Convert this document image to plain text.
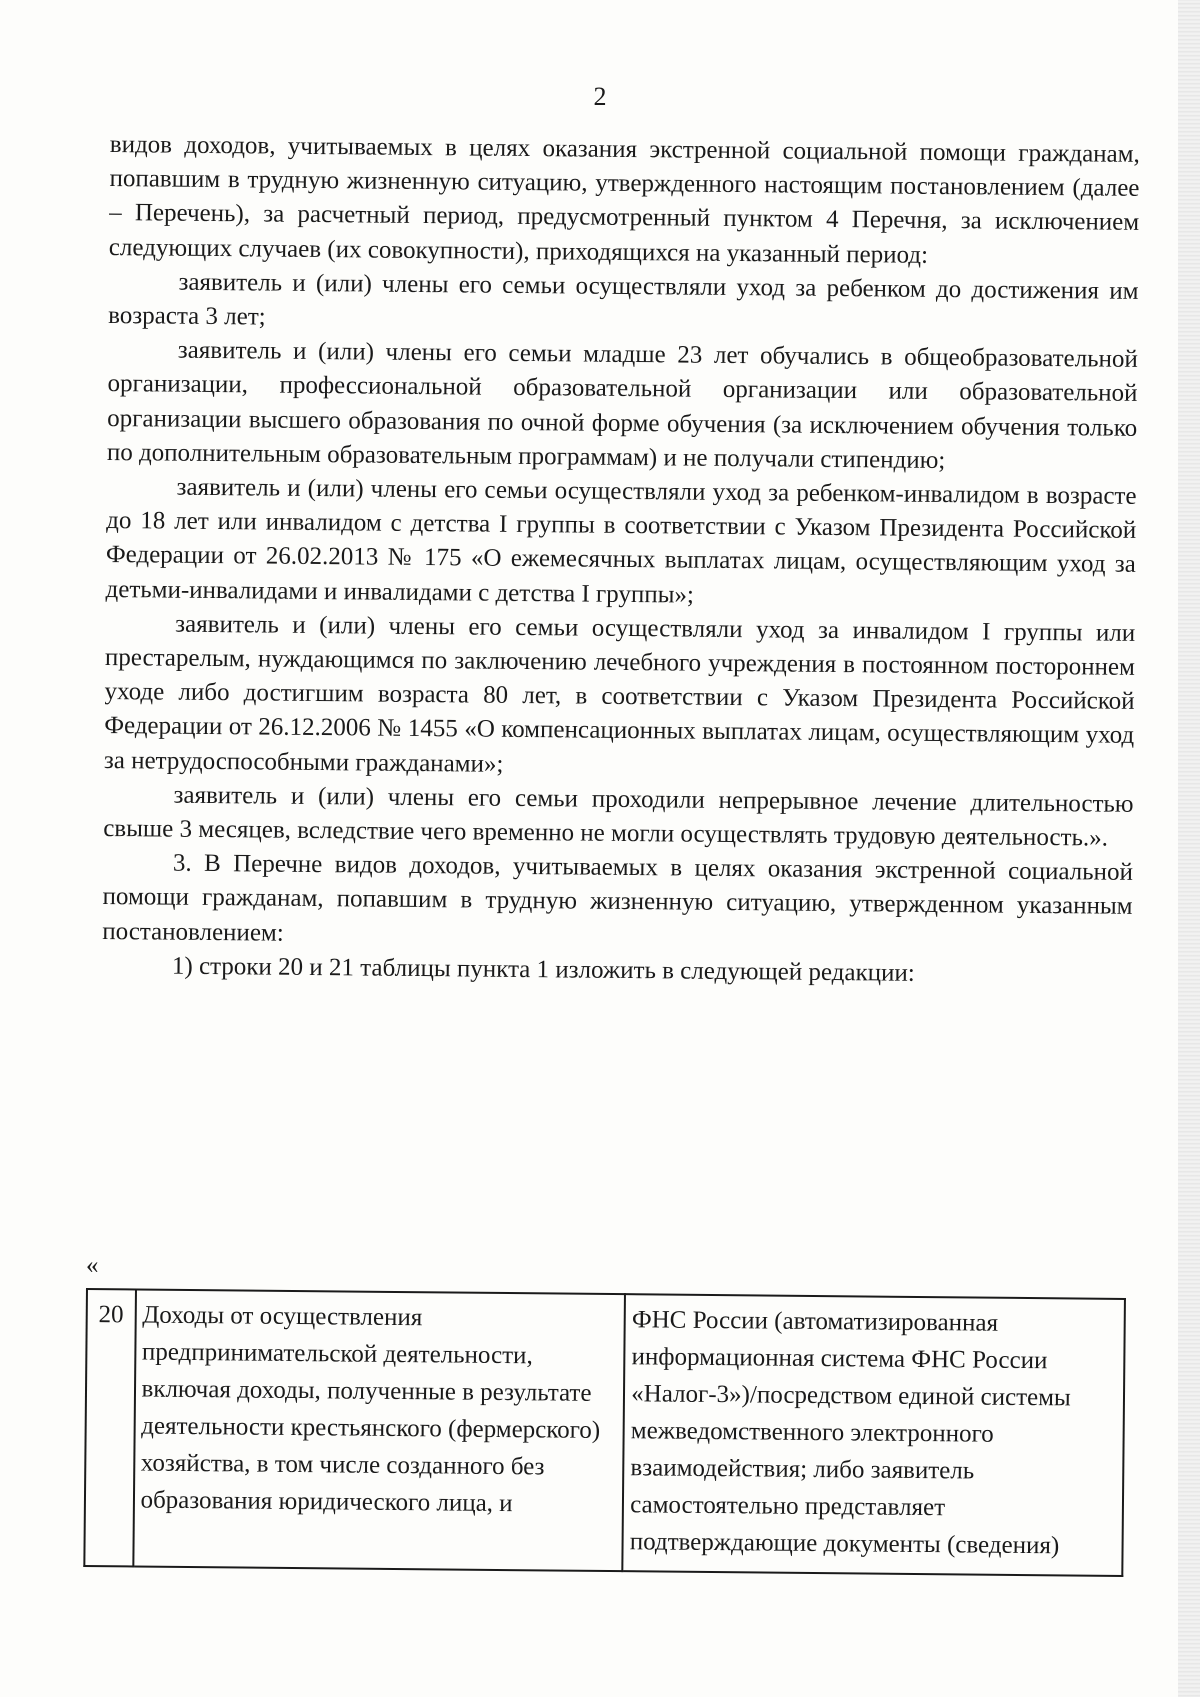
2

видов доходов, учитываемых в целях оказания экстренной социальной помощи гражданам, попавшим в трудную жизненную ситуацию, утвержденного настоящим постановлением (далее – Перечень), за расчетный период, предусмотренный пунктом 4 Перечня, за исключением следующих случаев (их совокупности), приходящихся на указанный период:

заявитель и (или) члены его семьи осуществляли уход за ребенком до достижения им возраста 3 лет;

заявитель и (или) члены его семьи младше 23 лет обучались в общеобразовательной организации, профессиональной образовательной организации или образовательной организации высшего образования по очной форме обучения (за исключением обучения только по дополнительным образовательным программам) и не получали стипендию;

заявитель и (или) члены его семьи осуществляли уход за ребенком-инвалидом в возрасте до 18 лет или инвалидом с детства I группы в соответствии с Указом Президента Российской Федерации от 26.02.2013 № 175 «О ежемесячных выплатах лицам, осуществляющим уход за детьми-инвалидами и инвалидами с детства I группы»;

заявитель и (или) члены его семьи осуществляли уход за инвалидом I группы или престарелым, нуждающимся по заключению лечебного учреждения в постоянном постороннем уходе либо достигшим возраста 80 лет, в соответствии с Указом Президента Российской Федерации от 26.12.2006 № 1455 «О компенсационных выплатах лицам, осуществляющим уход за нетрудоспособными гражданами»;

заявитель и (или) члены его семьи проходили непрерывное лечение длительностью свыше 3 месяцев, вследствие чего временно не могли осуществлять трудовую деятельность.».

3. В Перечне видов доходов, учитываемых в целях оказания экстренной социальной помощи гражданам, попавшим в трудную жизненную ситуацию, утвержденном указанным постановлением:

1) строки 20 и 21 таблицы пункта 1 изложить в следующей редакции:

«
20	Доходы от осуществления предпринимательской деятельности, включая доходы, полученные в результате деятельности крестьянского (фермерского) хозяйства, в том числе созданного без образования юридического лица, и	ФНС России (автоматизированная информационная система ФНС России «Налог-3»)/посредством единой системы межведомственного электронного взаимодействия; либо заявитель самостоятельно представляет подтверждающие документы (сведения)
